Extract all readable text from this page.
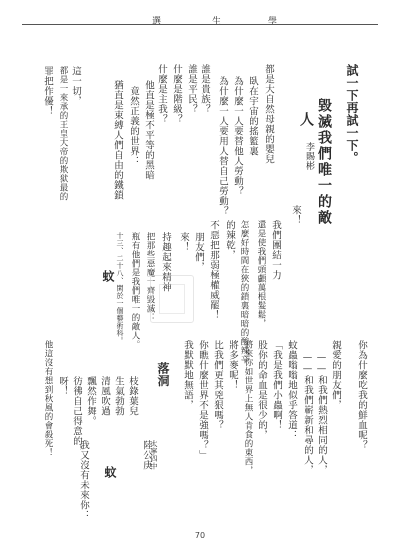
選	生	學
試一下再試一下。
毀滅我們唯一的敵
人
李賜彬
都是大自然母親的嬰兒
臥在宇宙的搖籃裏
為什麼一人要替他人勞動？
為什麼一人要用人替自己勞動？
誰是貴族？
誰是平民？
什麼是階級？
什麼是主我？
他直是極不平等的黑暗
竟然正義的世界：
猶直是束縛人們自由的鐵鎖
這一切，
都是一來承的王皇大帝的欺狱最的
罪把作優！
來！
我們團結一力
還是使我們頭顱萬根髮鬆，
怎麼好時間在狹的鎖裏暗暗的酸辣辛
的辣乾，
不惡把那弱極權威罷！
朋友們，
來！
持趣起來精神
把那些惡魔一齊毀滅：
瓶有他們是我們唯一的敵人。
十三、二十八、閑於一個藝術科。
蚊
你為什麼吃我的鮮血呢？
親愛的朋友們，
——和我們熱烈相同的人，
——和我們嶄新和尋的人，
蚊蟲嗡嗡地似乎答道：
「我是我們小蟲啊！
股你的命血是很少的，
將來你如世界上無人肯食的東西，
將多麥呢！
比我們更其兇狠嗎？
你瞧什麼世界不是強嗎？」
我默默地無語，
落洞
太寧四中
陸公庚
枝錄葉兒
生氣勃勃
清風吹過
飄然作舞。
彷彿自己得意的，
呀！
他這沒有想到秋風的會殺死！
蚊
我又沒有未來你：
70
